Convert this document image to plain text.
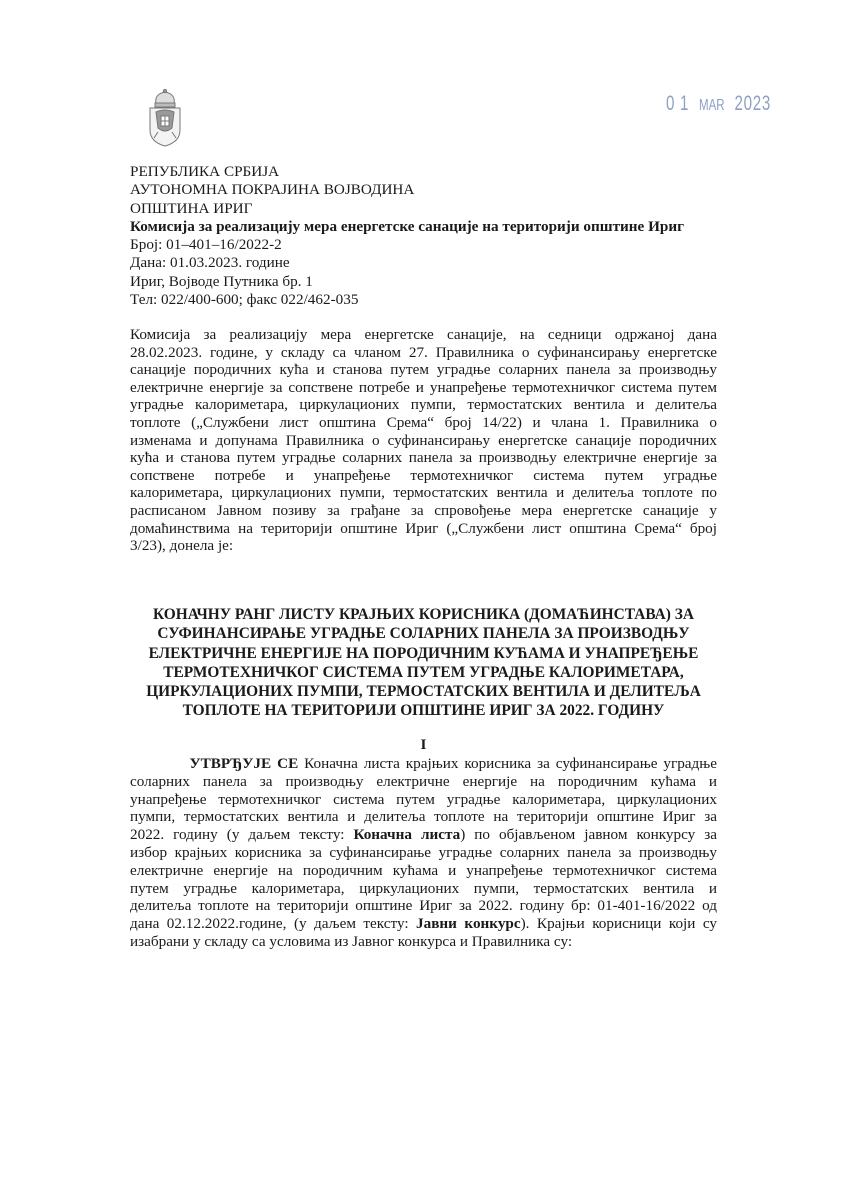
0 1 MAR 2023
РЕПУБЛИКА СРБИЈА
АУТОНОМНА ПОКРАЈИНА ВОЈВОДИНА
ОПШТИНА ИРИГ
Комисија за реализацију мера енергетске санације на територији општине Ириг
Број: 01–401–16/2022-2
Дана: 01.03.2023. године
Ириг, Војводе Путника бр. 1
Тел: 022/400-600; факс 022/462-035
Комисија за реализацију мера енергетске санације, на седници одржаној дана
28.02.2023. године, у складу са чланом 27. Правилника о суфинансирању енергетске
санације породичних кућа и станова путем уградње соларних панела за производњу
електричне енергије за сопствене потребе и унапређење термотехничког система путем
уградње калориметара, циркулационих пумпи, термостатских вентила и делитеља
топлоте („Службени лист општина Срема“ број 14/22) и члана 1. Правилника о
изменама и допунама Правилника о суфинансирању енергетске санације породичних
кућа и станова путем уградње соларних панела за производњу електричне енергије за
сопствене потребе и унапређење термотехничког система путем уградње
калориметара, циркулационих пумпи, термостатских вентила и делитеља топлоте по
расписаном Јавном позиву за грађане за спровођење мера енергетске санације у
домаћинствима на територији општине Ириг („Службени лист општина Срема“ број
3/23), донела је:
КОНАЧНУ РАНГ ЛИСТУ КРАЈЊИХ КОРИСНИКА (ДОМАЋИНСТАВА) ЗА
СУФИНАНСИРАЊЕ УГРАДЊЕ СОЛАРНИХ ПАНЕЛА ЗА ПРОИЗВОДЊУ
ЕЛЕКТРИЧНЕ ЕНЕРГИЈЕ НА ПОРОДИЧНИМ КУЋАМА И УНАПРЕЂЕЊЕ
ТЕРМОТЕХНИЧКОГ СИСТЕМА ПУТЕМ УГРАДЊЕ КАЛОРИМЕТАРА,
ЦИРКУЛАЦИОНИХ ПУМПИ, ТЕРМОСТАТСКИХ ВЕНТИЛА И ДЕЛИТЕЉА
ТОПЛОТЕ НА ТЕРИТОРИЈИ ОПШТИНЕ ИРИГ ЗА 2022. ГОДИНУ
I
УТВРЂУЈЕ СЕ Коначна листа крајњих корисника за суфинансирање уградње
соларних панела за производњу електричне енергије на породичним кућама и
унапређење термотехничког система путем уградње калориметара, циркулационих
пумпи, термостатских вентила и делитеља топлоте на територији општине Ириг за
2022. годину (у даљем тексту: Коначна листа) по објављеном јавном конкурсу за
избор крајњих корисника за суфинансирање уградње соларних панела за производњу
електричне енергије на породичним кућама и унапређење термотехничког система
путем уградње калориметара, циркулационих пумпи, термостатских вентила и
делитеља топлоте на територији општине Ириг за 2022. годину бр: 01-401-16/2022 од
дана 02.12.2022.године, (у даљем тексту: Јавни конкурс). Крајњи корисници који су
изабрани у складу са условима из Јавног конкурса и Правилника су:
